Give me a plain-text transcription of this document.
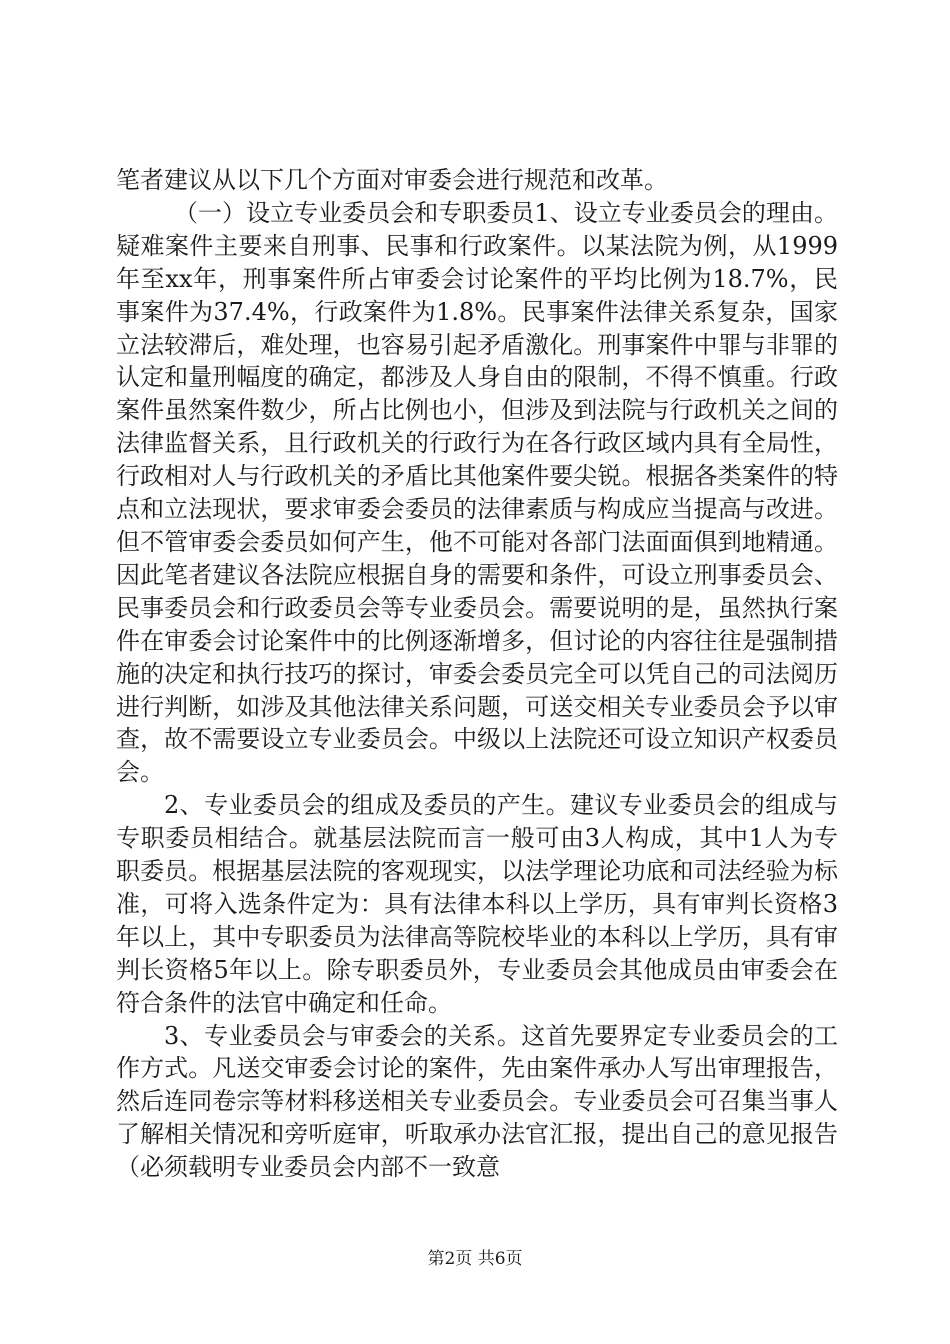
笔者建议从以下几个方面对审委会进行规范和改革。

（一）设立专业委员会和专职委员1、设立专业委员会的理由。疑难案件主要来自刑事、民事和行政案件。以某法院为例，从1999年至xx年，刑事案件所占审委会讨论案件的平均比例为18.7%，民事案件为37.4%，行政案件为1.8%。民事案件法律关系复杂，国家立法较滞后，难处理，也容易引起矛盾激化。刑事案件中罪与非罪的认定和量刑幅度的确定，都涉及人身自由的限制，不得不慎重。行政案件虽然案件数少，所占比例也小，但涉及到法院与行政机关之间的法律监督关系，且行政机关的行政行为在各行政区域内具有全局性，行政相对人与行政机关的矛盾比其他案件要尖锐。根据各类案件的特点和立法现状，要求审委会委员的法律素质与构成应当提高与改进。但不管审委会委员如何产生，他不可能对各部门法面面俱到地精通。因此笔者建议各法院应根据自身的需要和条件，可设立刑事委员会、民事委员会和行政委员会等专业委员会。需要说明的是，虽然执行案件在审委会讨论案件中的比例逐渐增多，但讨论的内容往往是强制措施的决定和执行技巧的探讨，审委会委员完全可以凭自己的司法阅历进行判断，如涉及其他法律关系问题，可送交相关专业委员会予以审查，故不需要设立专业委员会。中级以上法院还可设立知识产权委员会。

2、专业委员会的组成及委员的产生。建议专业委员会的组成与专职委员相结合。就基层法院而言一般可由3人构成，其中1人为专职委员。根据基层法院的客观现实，以法学理论功底和司法经验为标准，可将入选条件定为：具有法律本科以上学历，具有审判长资格3年以上，其中专职委员为法律高等院校毕业的本科以上学历，具有审判长资格5年以上。除专职委员外，专业委员会其他成员由审委会在符合条件的法官中确定和任命。

3、专业委员会与审委会的关系。这首先要界定专业委员会的工作方式。凡送交审委会讨论的案件，先由案件承办人写出审理报告，然后连同卷宗等材料移送相关专业委员会。专业委员会可召集当事人了解相关情况和旁听庭审，听取承办法官汇报，提出自己的意见报告（必须载明专业委员会内部不一致意

第2页 共6页
